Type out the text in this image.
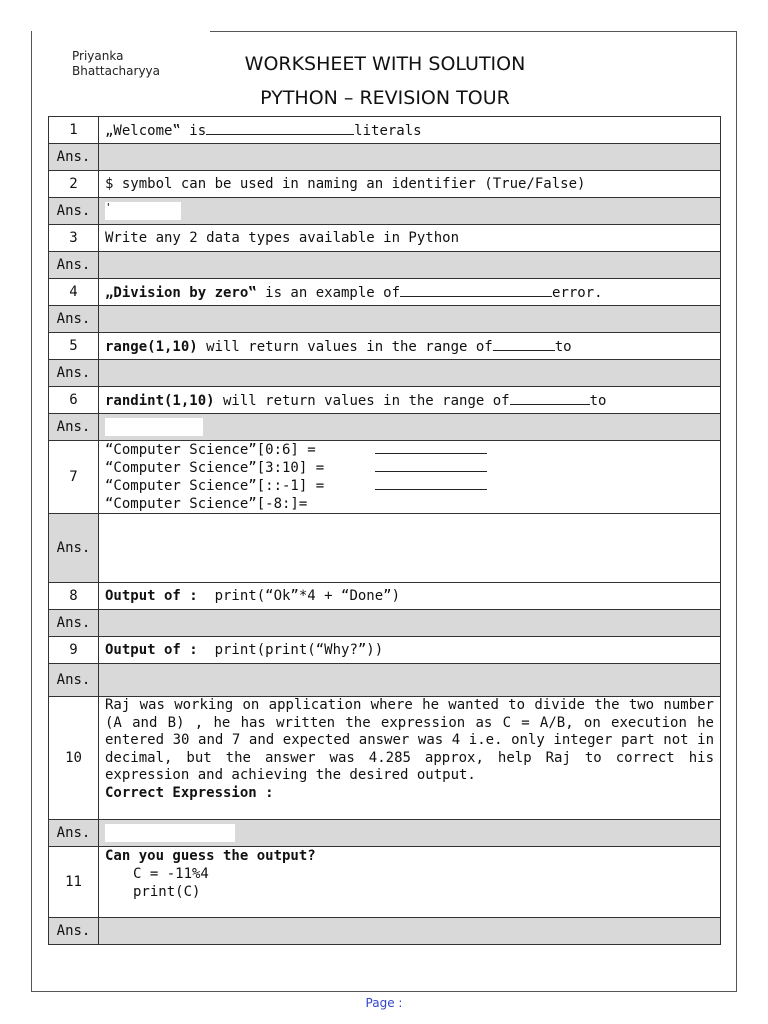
Priyanka
Bhattacharyya	WORKSHEET WITH SOLUTION
PYTHON – REVISION TOUR
1	„Welcome‟ is literals
Ans.	
2	$ symbol can be used in naming an identifier (True/False)
Ans.	'
3	Write any 2 data types available in Python
Ans.	
4	„Division by zero‟ is an example of error.
Ans.	
5	range(1,10) will return values in the range of to
Ans.	
6	randint(1,10) will return values in the range of to
Ans.	
7	“Computer Science”[0:6] =
“Computer Science”[3:10] =
“Computer Science”[::-1] =
“Computer Science”[-8:]=

Ans.	
8	Output of : print(“Ok”*4 + “Done”)
Ans.	
9	Output of : print(print(“Why?”))
Ans.	
10	Raj was working on application where he wanted to divide the two number (A and B) , he has written the expression as C = A/B, on execution he entered 30 and 7 and expected answer was 4 i.e. only integer part not in decimal, but the answer was 4.285 approx, help Raj to correct his expression and achieving the desired output.
Correct Expression :

Ans.	
11	Can you guess the output?
C = -11%4
print(C)

Ans.	
Page :
